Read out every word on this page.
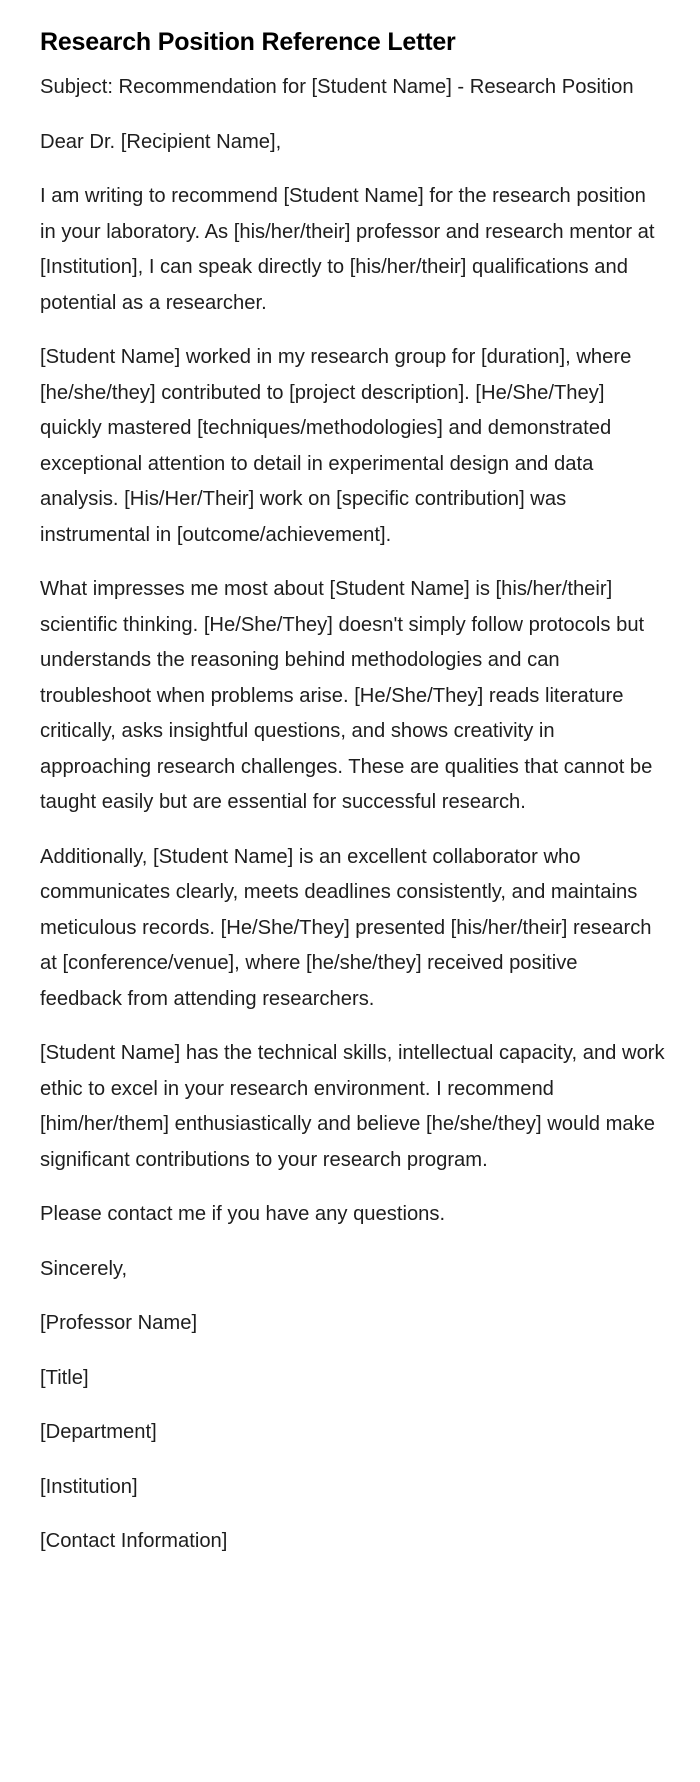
Research Position Reference Letter

Subject: Recommendation for [Student Name] - Research Position

Dear Dr. [Recipient Name],

I am writing to recommend [Student Name] for the research position in your laboratory. As [his/her/their] professor and research mentor at [Institution], I can speak directly to [his/her/their] qualifications and potential as a researcher.

[Student Name] worked in my research group for [duration], where [he/she/they] contributed to [project description]. [He/She/They] quickly mastered [techniques/methodologies] and demonstrated exceptional attention to detail in experimental design and data analysis. [His/Her/Their] work on [specific contribution] was instrumental in [outcome/achievement].

What impresses me most about [Student Name] is [his/her/their] scientific thinking. [He/She/They] doesn't simply follow protocols but understands the reasoning behind methodologies and can troubleshoot when problems arise. [He/She/They] reads literature critically, asks insightful questions, and shows creativity in approaching research challenges. These are qualities that cannot be taught easily but are essential for successful research.

Additionally, [Student Name] is an excellent collaborator who communicates clearly, meets deadlines consistently, and maintains meticulous records. [He/She/They] presented [his/her/their] research at [conference/venue], where [he/she/they] received positive feedback from attending researchers.

[Student Name] has the technical skills, intellectual capacity, and work ethic to excel in your research environment. I recommend [him/her/them] enthusiastically and believe [he/she/they] would make significant contributions to your research program.

Please contact me if you have any questions.

Sincerely,

[Professor Name]

[Title]

[Department]

[Institution]

[Contact Information]
